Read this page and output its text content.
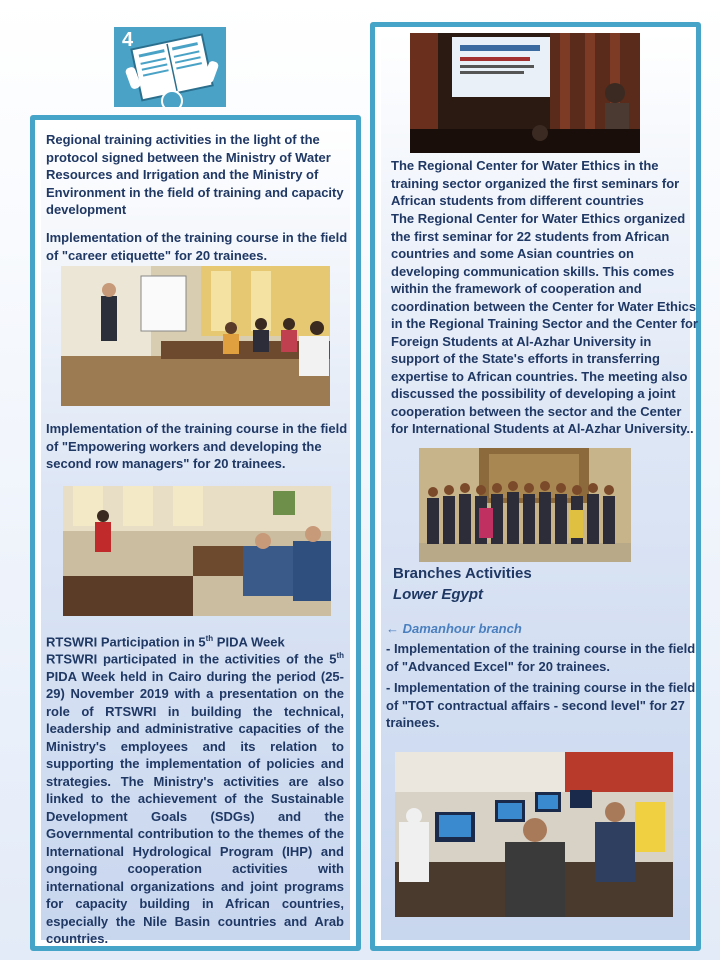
4
Regional training activities in the light of the protocol signed between the Ministry of Water Resources and Irrigation and the Ministry of Environment in the field of training and capacity development
Implementation of the training course in the field of "career etiquette" for 20 trainees.
Implementation of the training course in the field of "Empowering workers and developing the second row managers" for 20 trainees.
RTSWRI Participation in 5th PIDA Week
RTSWRI participated in the activities of the 5th PIDA Week held in Cairo during the period (25-29) November 2019 with a presentation on the role of RTSWRI in building the technical, leadership and administrative capacities of the Ministry's employees and its relation to supporting the implementation of policies and strategies. The Ministry's activities are also linked to the achievement of the Sustainable Development Goals (SDGs) and the Governmental contribution to the themes of the International Hydrological Program (IHP) and ongoing cooperation activities with international organizations and joint programs for capacity building in African countries, especially the Nile Basin countries and Arab countries.
The Regional Center for Water Ethics in the training sector organized the first seminars for African students from different countries
The Regional Center for Water Ethics organized the first seminar for 22 students from African countries and some Asian countries on developing communication skills. This comes within the framework of cooperation and coordination between the Center for Water Ethics in the Regional Training Sector and the Center for Foreign Students at Al-Azhar University in support of the State's efforts in transferring expertise to African countries. The meeting also discussed the possibility of developing a joint cooperation between the sector and the Center for International Students at Al-Azhar University..
Branches Activities
Lower Egypt
← Damanhour branch
- Implementation of the training course in the field of "Advanced Excel" for 20 trainees.
- Implementation of the training course in the field of "TOT contractual affairs - second level" for 27 trainees.
